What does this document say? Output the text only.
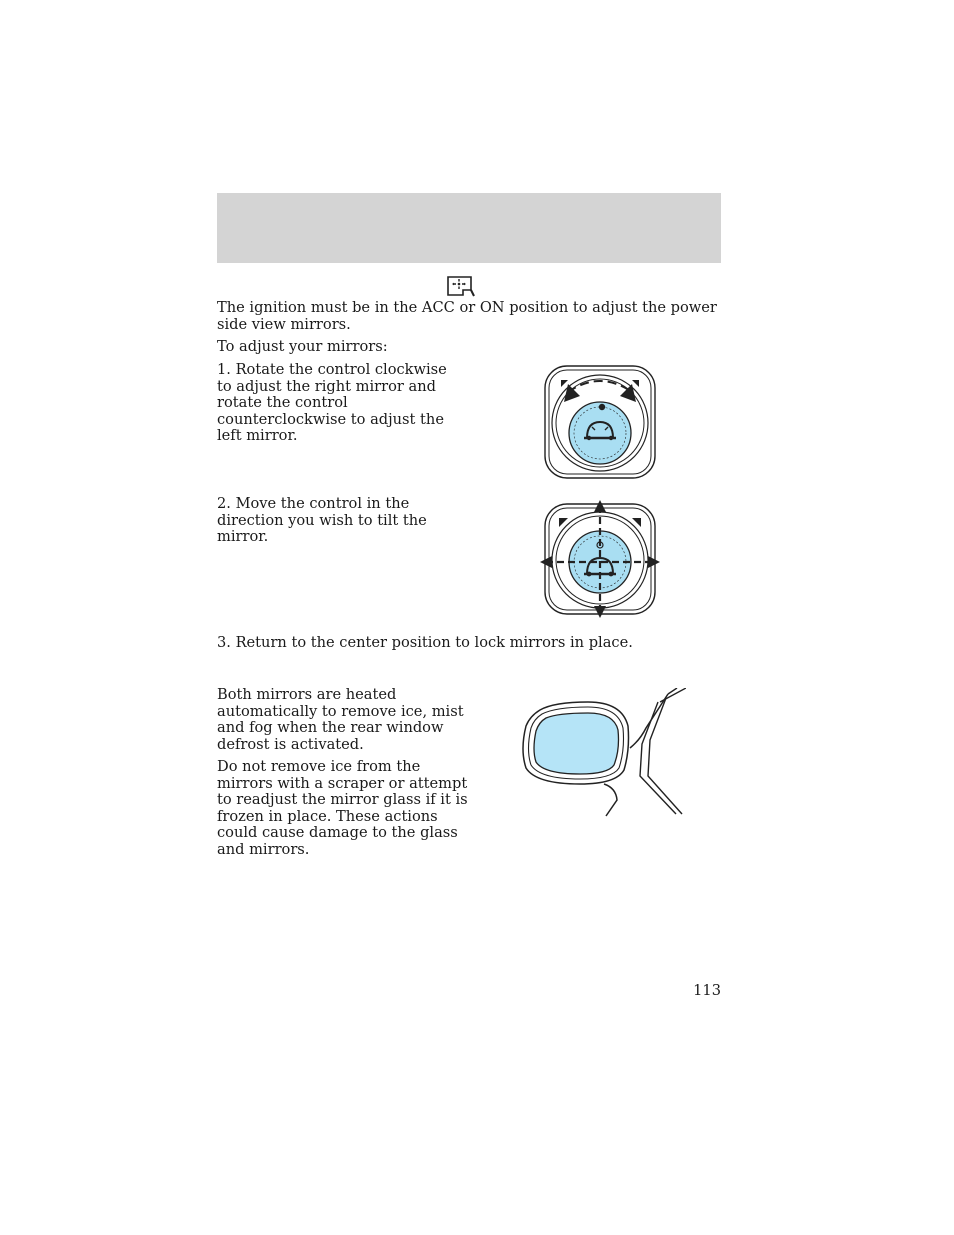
The ignition must be in the ACC or ON position to adjust the power side view mirrors.

To adjust your mirrors:

1. Rotate the control clockwise to adjust the right mirror and rotate the control counterclockwise to adjust the left mirror.

2. Move the control in the direction you wish to tilt the mirror.

3. Return to the center position to lock mirrors in place.

Both mirrors are heated automatically to remove ice, mist and fog when the rear window defrost is activated.

Do not remove ice from the mirrors with a scraper or attempt to readjust the mirror glass if it is frozen in place. These actions could cause damage to the glass and mirrors.

113
